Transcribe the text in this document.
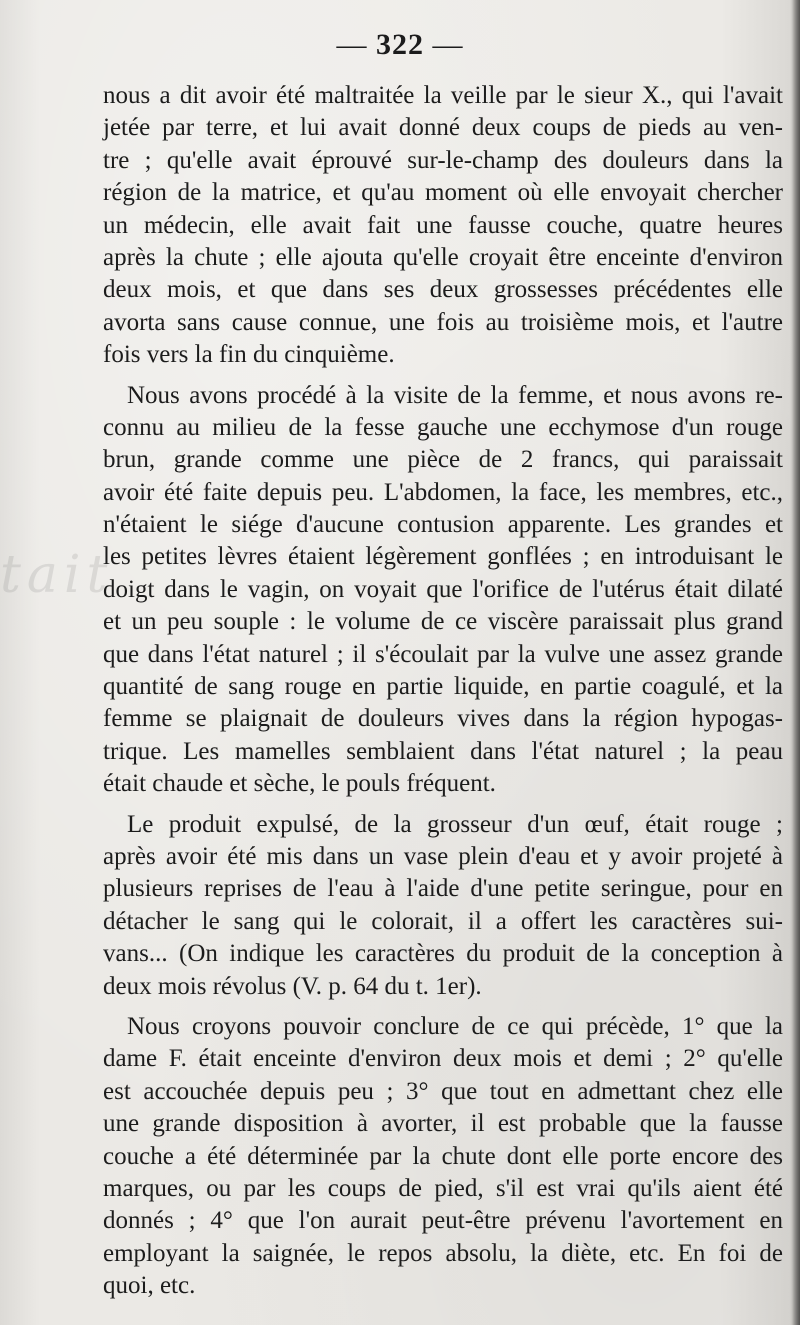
tait
— 322 —
nous a dit avoir été maltraitée la veille par le sieur X., qui l'avait
jetée par terre, et lui avait donné deux coups de pieds au ven-
tre ; qu'elle avait éprouvé sur-le-champ des douleurs dans la
région de la matrice, et qu'au moment où elle envoyait chercher
un médecin, elle avait fait une fausse couche, quatre heures
après la chute ; elle ajouta qu'elle croyait être enceinte d'environ
deux mois, et que dans ses deux grossesses précédentes elle
avorta sans cause connue, une fois au troisième mois, et l'autre
fois vers la fin du cinquième.
Nous avons procédé à la visite de la femme, et nous avons re-
connu au milieu de la fesse gauche une ecchymose d'un rouge
brun, grande comme une pièce de 2 francs, qui paraissait
avoir été faite depuis peu. L'abdomen, la face, les membres, etc.,
n'étaient le siége d'aucune contusion apparente. Les grandes et
les petites lèvres étaient légèrement gonflées ; en introduisant le
doigt dans le vagin, on voyait que l'orifice de l'utérus était dilaté
et un peu souple : le volume de ce viscère paraissait plus grand
que dans l'état naturel ; il s'écoulait par la vulve une assez grande
quantité de sang rouge en partie liquide, en partie coagulé, et la
femme se plaignait de douleurs vives dans la région hypogas-
trique. Les mamelles semblaient dans l'état naturel ; la peau
était chaude et sèche, le pouls fréquent.
Le produit expulsé, de la grosseur d'un œuf, était rouge ;
après avoir été mis dans un vase plein d'eau et y avoir projeté à
plusieurs reprises de l'eau à l'aide d'une petite seringue, pour en
détacher le sang qui le colorait, il a offert les caractères sui-
vans... (On indique les caractères du produit de la conception à
deux mois révolus (V. p. 64 du t. 1er).
Nous croyons pouvoir conclure de ce qui précède, 1° que la
dame F. était enceinte d'environ deux mois et demi ; 2° qu'elle
est accouchée depuis peu ; 3° que tout en admettant chez elle
une grande disposition à avorter, il est probable que la fausse
couche a été déterminée par la chute dont elle porte encore des
marques, ou par les coups de pied, s'il est vrai qu'ils aient été
donnés ; 4° que l'on aurait peut-être prévenu l'avortement en
employant la saignée, le repos absolu, la diète, etc. En foi de
quoi, etc.
